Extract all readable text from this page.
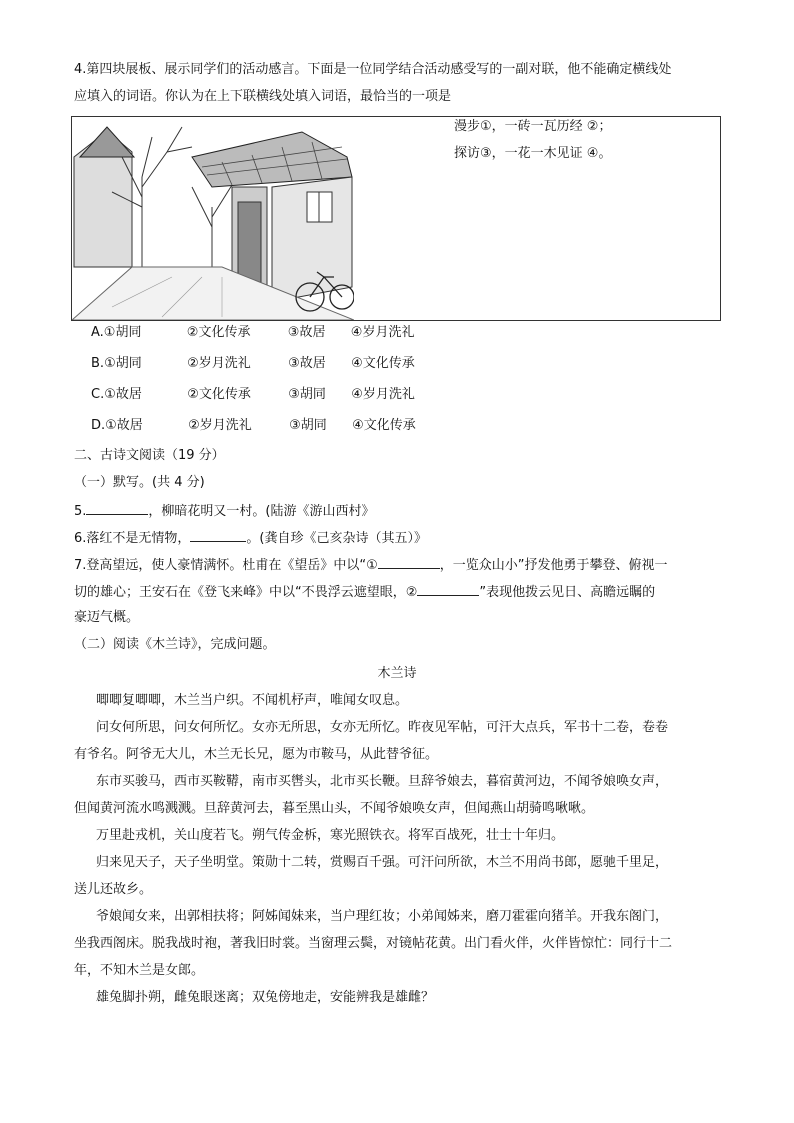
4.第四块展板、展示同学们的活动感言。下面是一位同学结合活动感受写的一副对联，他不能确定横线处
应填入的词语。你认为在上下联横线处填入词语，最恰当的一项是
漫步①，一砖一瓦历经 ②；
探访③，一花一木见证 ④。
A.①胡同	②文化传承	③故居 ④岁月洗礼
B.①胡同	②岁月洗礼	③故居 ④文化传承
C.①故居	②文化传承	③胡同 ④岁月洗礼
D.①故居	②岁月洗礼	③胡同 ④文化传承
二、古诗文阅读（19 分）
（一）默写。(共 4 分)
5.	，柳暗花明又一村。(陆游《游山西村》
6.落红不是无情物，	。(龚自珍《己亥杂诗（其五）》
7.登高望远，使人豪情满怀。杜甫在《望岳》中以“①	，一览众山小”抒发他勇于攀登、俯视一
切的雄心；王安石在《登飞来峰》中以“不畏浮云遮望眼，②	”表现他拨云见日、高瞻远瞩的
豪迈气概。
（二）阅读《木兰诗》，完成问题。
木兰诗
唧唧复唧唧，木兰当户织。不闻机杼声，唯闻女叹息。
问女何所思，问女何所忆。女亦无所思，女亦无所忆。昨夜见军帖，可汗大点兵，军书十二卷，卷卷
有爷名。阿爷无大儿，木兰无长兄，愿为市鞍马，从此替爷征。
东市买骏马，西市买鞍鞯，南市买辔头，北市买长鞭。旦辞爷娘去，暮宿黄河边，不闻爷娘唤女声，
但闻黄河流水鸣溅溅。旦辞黄河去，暮至黑山头，不闻爷娘唤女声，但闻燕山胡骑鸣啾啾。
万里赴戎机，关山度若飞。朔气传金柝，寒光照铁衣。将军百战死，壮士十年归。
归来见天子，天子坐明堂。策勋十二转，赏赐百千强。可汗问所欲，木兰不用尚书郎，愿驰千里足，
送儿还故乡。
爷娘闻女来，出郭相扶将；阿姊闻妹来，当户理红妆；小弟闻姊来，磨刀霍霍向猪羊。开我东阁门，
坐我西阁床。脱我战时袍，著我旧时裳。当窗理云鬓，对镜帖花黄。出门看火伴，火伴皆惊忙：同行十二
年，不知木兰是女郎。
雄兔脚扑朔，雌兔眼迷离；双兔傍地走，安能辨我是雄雌？
